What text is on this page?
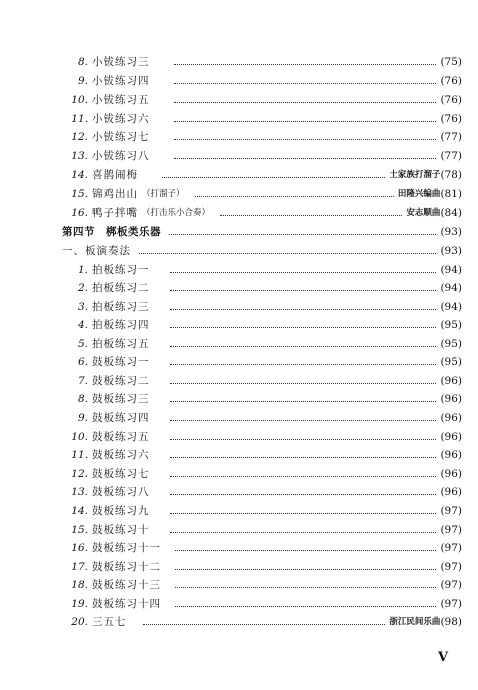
8. 小钹练习三	(75)
9. 小钹练习四	(76)
10. 小钹练习五	(76)
11. 小钹练习六	(76)
12. 小钹练习七	(77)
13. 小钹练习八	(77)
14. 喜鹊闹梅	土家族打溜子 (78)
15. 锦鸡出山 （打溜子）	田隆兴编曲 (81)
16. 鸭子拌嘴 （打击乐小合奏）	安志顺曲 (84)
第四节　梆板类乐器	(93)
一、板演奏法	(93)
1. 拍板练习一	(94)
2. 拍板练习二	(94)
3. 拍板练习三	(94)
4. 拍板练习四	(95)
5. 拍板练习五	(95)
6. 鼓板练习一	(95)
7. 鼓板练习二	(96)
8. 鼓板练习三	(96)
9. 鼓板练习四	(96)
10. 鼓板练习五	(96)
11. 鼓板练习六	(96)
12. 鼓板练习七	(96)
13. 鼓板练习八	(96)
14. 鼓板练习九	(97)
15. 鼓板练习十	(97)
16. 鼓板练习十一	(97)
17. 鼓板练习十二	(97)
18. 鼓板练习十三	(97)
19. 鼓板练习十四	(97)
20. 三五七	浙江民间乐曲 (98)
V
